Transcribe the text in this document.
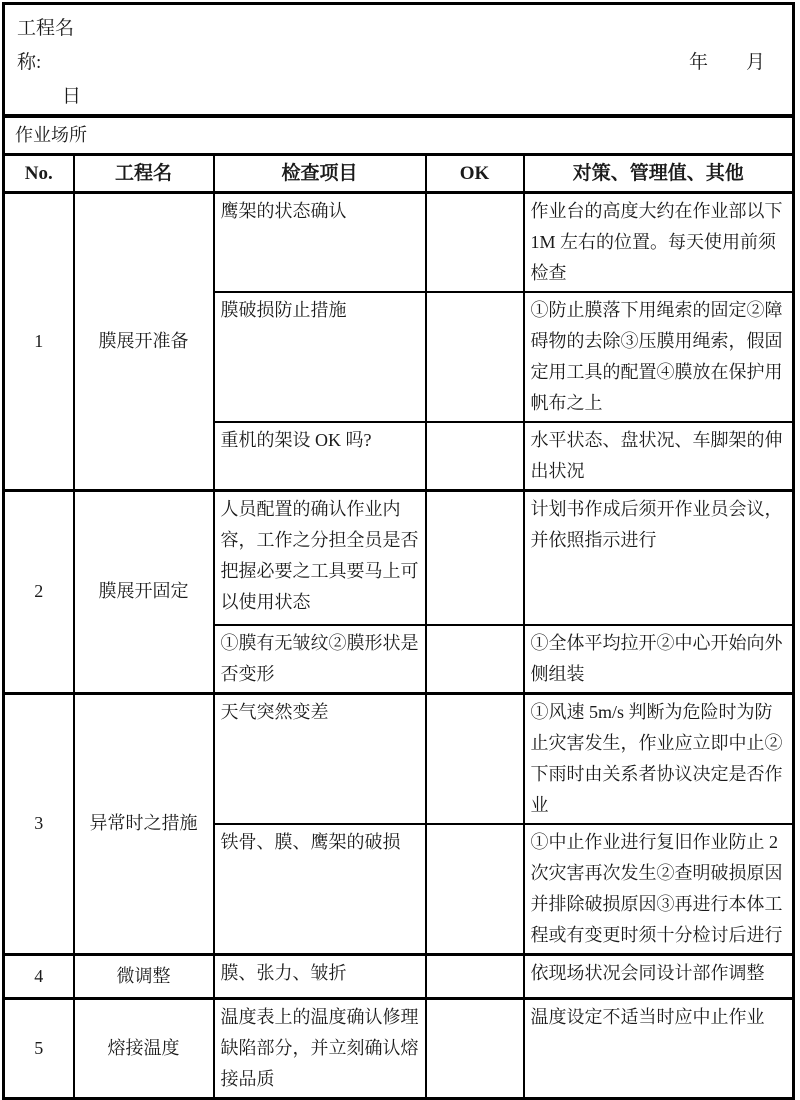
工程名
称: 年 月
日				

作业场所				
No.	工程名	检查项目	OK	对策、管理值、其他
1	膜展开准备	鹰架的状态确认		作业台的高度大约在作业部以下 1M 左右的位置。每天使用前须检查
		膜破损防止措施		①防止膜落下用绳索的固定②障碍物的去除③压膜用绳索，假固定用工具的配置④膜放在保护用帆布之上
		重机的架设 OK 吗?		水平状态、盘状况、车脚架的伸出状况
2	膜展开固定	人员配置的确认作业内容，工作之分担全员是否把握必要之工具要马上可以使用状态		计划书作成后须开作业员会议，并依照指示进行
		①膜有无皱纹②膜形状是否变形		①全体平均拉开②中心开始向外侧组装
3	异常时之措施	天气突然变差		①风速 5m/s 判断为危险时为防止灾害发生，作业应立即中止②下雨时由关系者协议决定是否作业
		铁骨、膜、鹰架的破损		①中止作业进行复旧作业防止 2 次灾害再次发生②查明破损原因并排除破损原因③再进行本体工程或有变更时须十分检讨后进行
4	微调整	膜、张力、皱折		依现场状况会同设计部作调整
5	熔接温度	温度表上的温度确认修理缺陷部分，并立刻确认熔接品质		温度设定不适当时应中止作业
